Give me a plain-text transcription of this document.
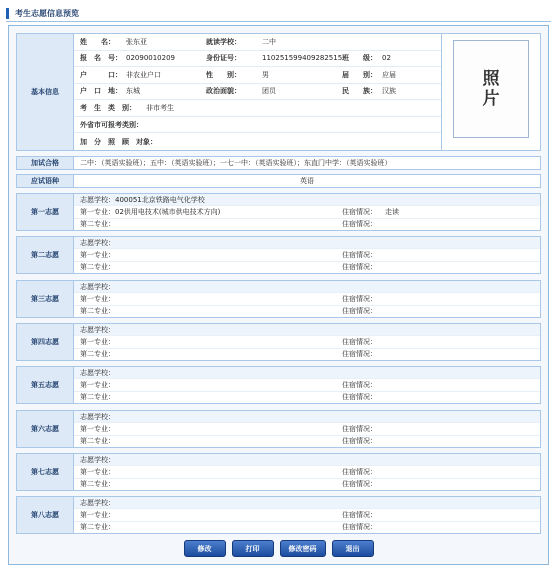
考生志愿信息预览
基本信息
姓　　名：	张东亚	就读学校：	二中
报　名　号： 02090010209	身份证号：	110251599409282515 班　　级： 02
户　　　口： 非农业户口	性　　别：	男	届　　别： 应届
户　口　地： 东城	政治面貌：	团员	民　　族： 汉族
考　生　类　别：	非市考生
外省市可报考类别：
加　分　照　顾　对象：
照
片
加试合格	二中：（英语实验班）；五中：（英语实验班）；一七一中：（英语实验班）；东直门中学：（英语实验班）
应试语种	英语
第一志愿
志愿学校： 400051北京铁路电气化学校
第一专业：02供用电技术(城市供电技术方向)	住宿情况： 走读
第二专业：	住宿情况：
第二志愿
志愿学校：
第一专业：	住宿情况：
第二专业：	住宿情况：
第三志愿
志愿学校：
第一专业：	住宿情况：
第二专业：	住宿情况：
第四志愿
志愿学校：
第一专业：	住宿情况：
第二专业：	住宿情况：
第五志愿
志愿学校：
第一专业：	住宿情况：
第二专业：	住宿情况：
第六志愿
志愿学校：
第一专业：	住宿情况：
第二专业：	住宿情况：
第七志愿
志愿学校：
第一专业：	住宿情况：
第二专业：	住宿情况：
第八志愿
志愿学校：
第一专业：	住宿情况：
第二专业：	住宿情况：
修改	打印	修改密码	退出
